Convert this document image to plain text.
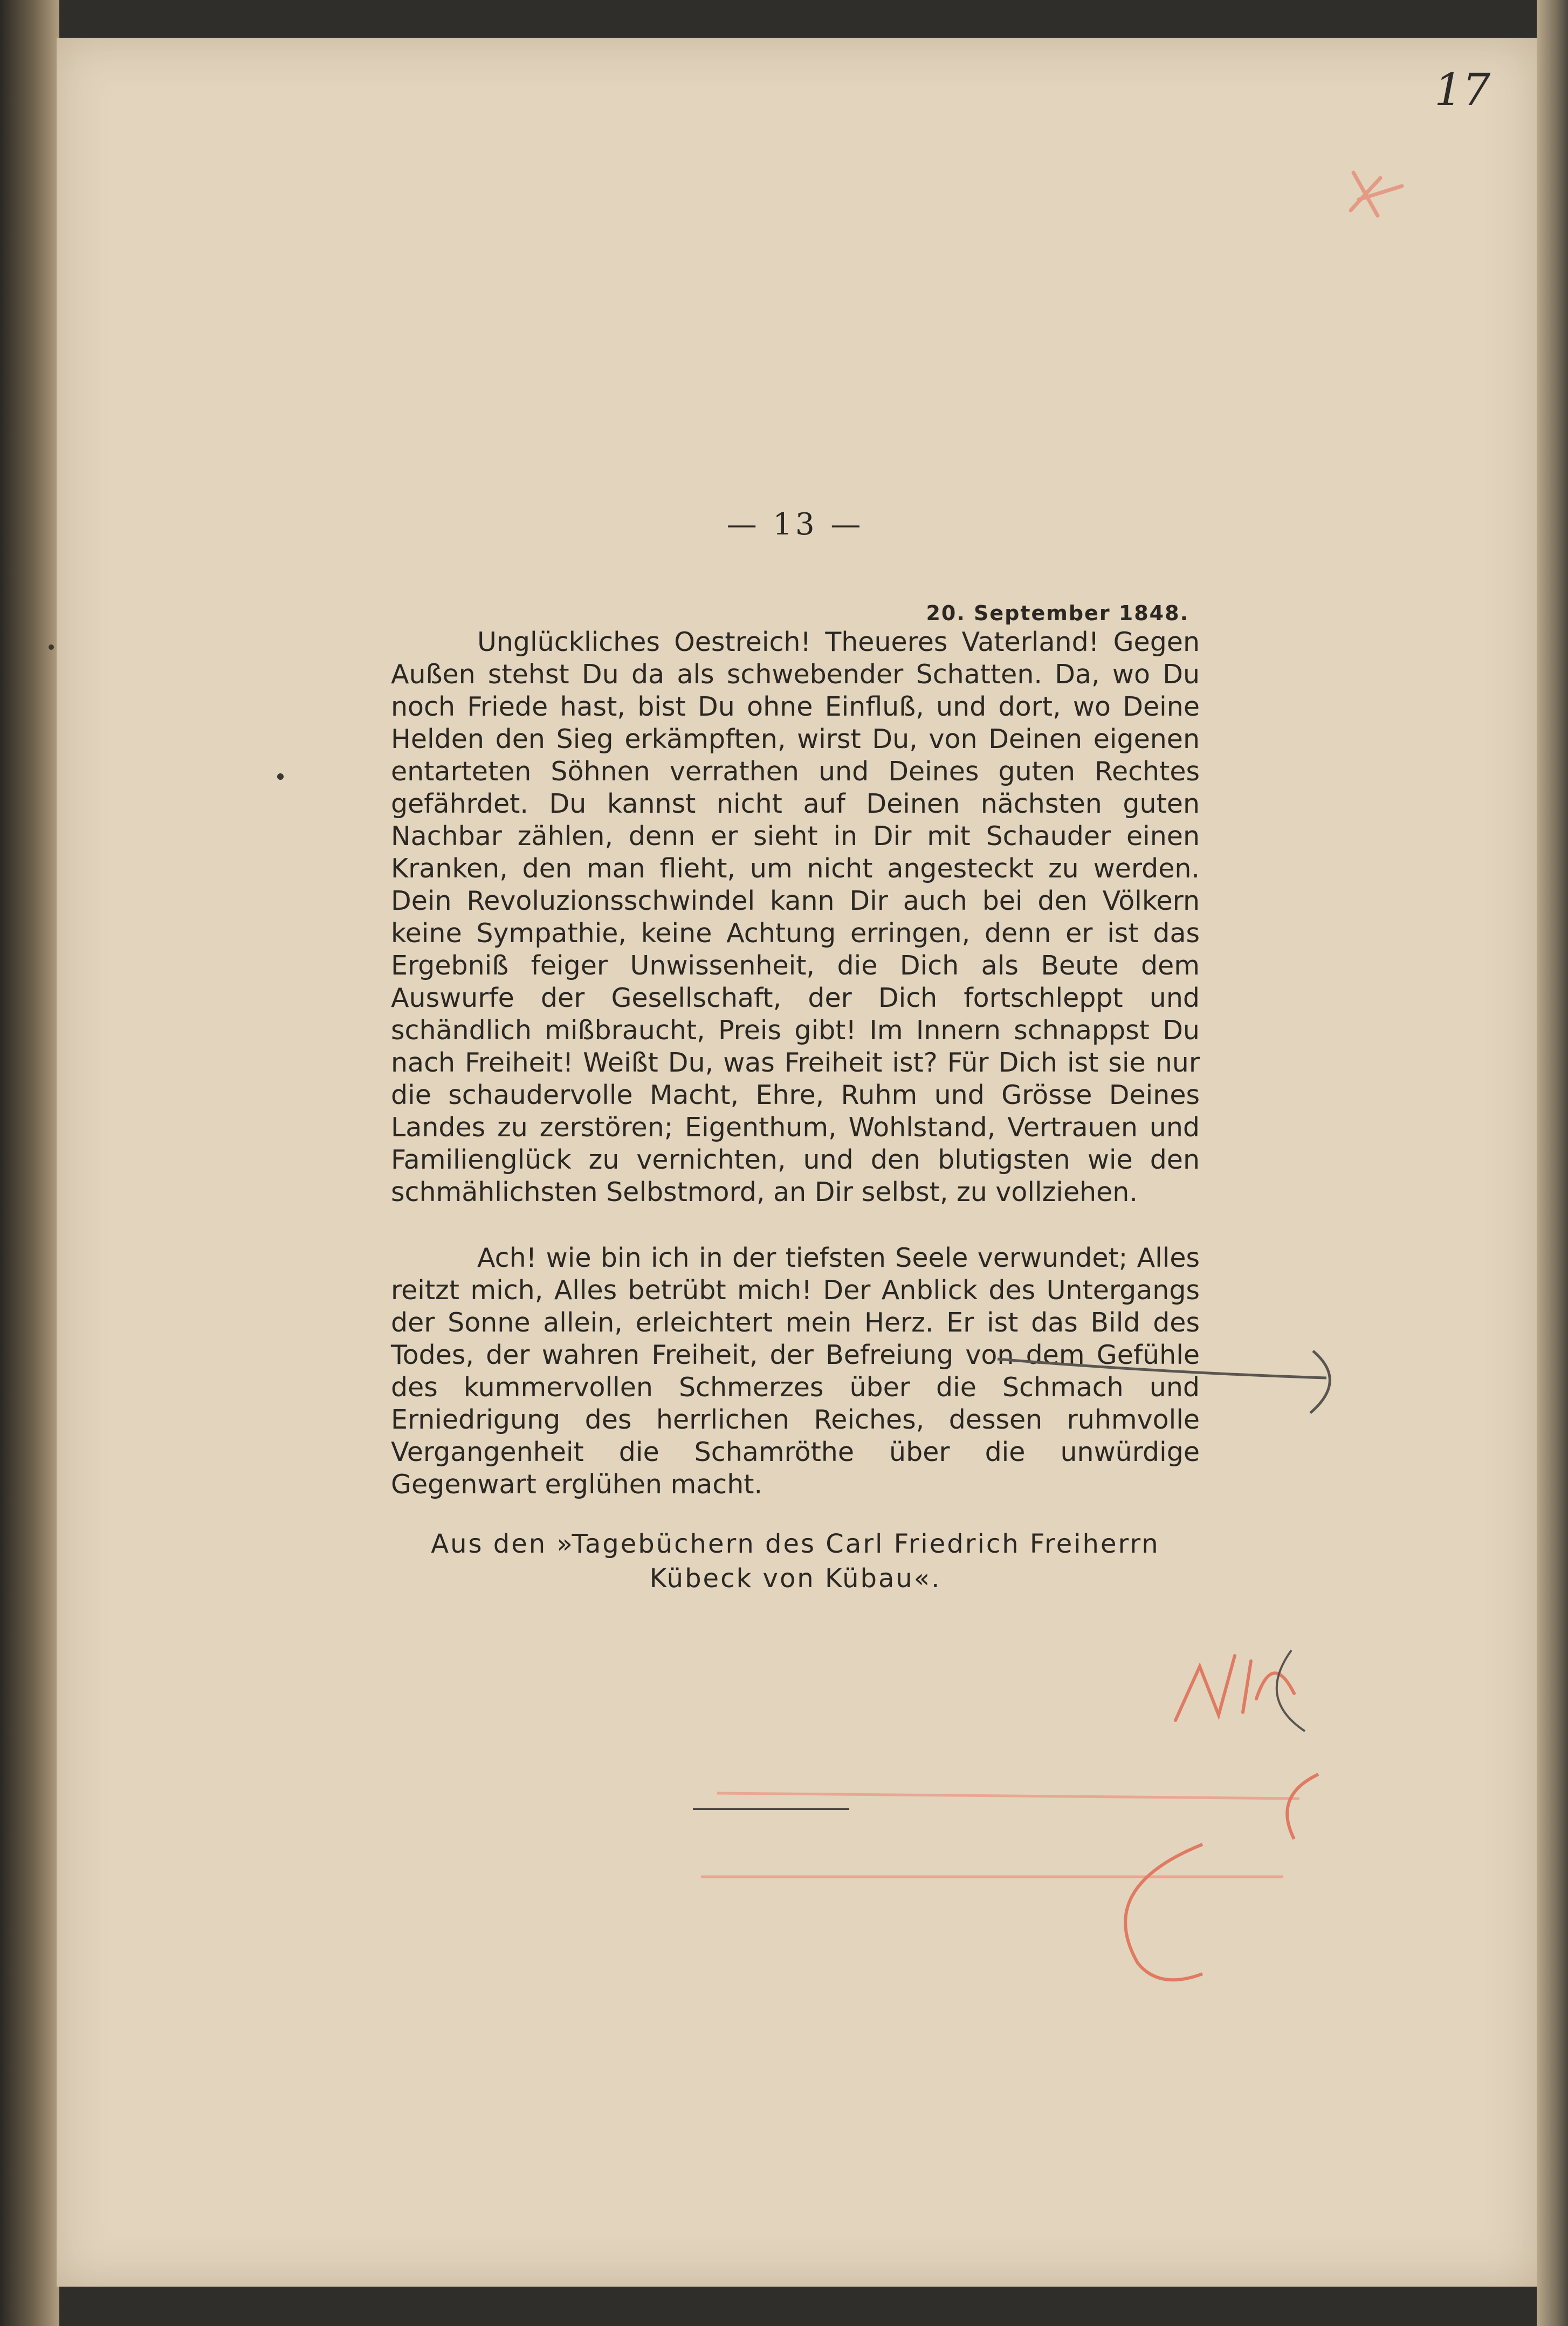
17
— 13 —
20. September 1848.

Unglückliches Oestreich! Theueres Vaterland! Gegen Außen stehst Du da als schwebender Schatten. Da, wo Du noch Friede hast, bist Du ohne Einfluß, und dort, wo Deine Helden den Sieg erkämpften, wirst Du, von Deinen eigenen entarteten Söhnen verrathen und Deines guten Rechtes gefährdet. Du kannst nicht auf Deinen nächsten guten Nachbar zählen, denn er sieht in Dir mit Schauder einen Kranken, den man flieht, um nicht angesteckt zu werden. Dein Revoluzionsschwindel kann Dir auch bei den Völkern keine Sympathie, keine Achtung erringen, denn er ist das Ergebniß feiger Unwissenheit, die Dich als Beute dem Auswurfe der Gesellschaft, der Dich fortschleppt und schändlich mißbraucht, Preis gibt! Im Innern schnappst Du nach Freiheit! Weißt Du, was Freiheit ist? Für Dich ist sie nur die schaudervolle Macht, Ehre, Ruhm und Grösse Deines Landes zu zerstören; Eigenthum, Wohlstand, Vertrauen und Familienglück zu vernichten, und den blutigsten wie den schmählichsten Selbstmord, an Dir selbst, zu vollziehen.

Ach! wie bin ich in der tiefsten Seele verwundet; Alles reitzt mich, Alles betrübt mich! Der Anblick des Untergangs der Sonne allein, erleichtert mein Herz. Er ist das Bild des Todes, der wahren Freiheit, der Befreiung von dem Gefühle des kummervollen Schmerzes über die Schmach und Erniedrigung des herrlichen Reiches, dessen ruhmvolle Vergangenheit die Schamröthe über die unwürdige Gegenwart erglühen macht.

Aus den »Tagebüchern des Carl Friedrich Freiherrn
Kübeck von Kübau«.
